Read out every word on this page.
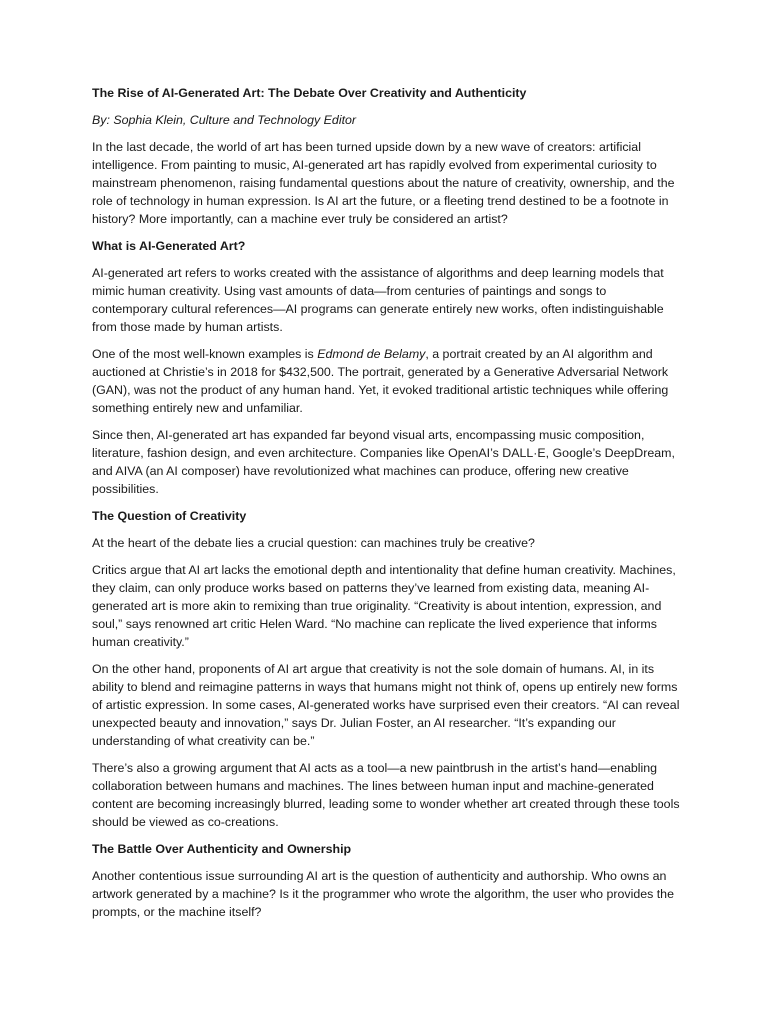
The Rise of AI-Generated Art: The Debate Over Creativity and Authenticity

By: Sophia Klein, Culture and Technology Editor

In the last decade, the world of art has been turned upside down by a new wave of creators: artificial intelligence. From painting to music, AI-generated art has rapidly evolved from experimental curiosity to mainstream phenomenon, raising fundamental questions about the nature of creativity, ownership, and the role of technology in human expression. Is AI art the future, or a fleeting trend destined to be a footnote in history? More importantly, can a machine ever truly be considered an artist?

What is AI-Generated Art?

AI-generated art refers to works created with the assistance of algorithms and deep learning models that mimic human creativity. Using vast amounts of data—from centuries of paintings and songs to contemporary cultural references—AI programs can generate entirely new works, often indistinguishable from those made by human artists.

One of the most well-known examples is Edmond de Belamy, a portrait created by an AI algorithm and auctioned at Christie’s in 2018 for $432,500. The portrait, generated by a Generative Adversarial Network (GAN), was not the product of any human hand. Yet, it evoked traditional artistic techniques while offering something entirely new and unfamiliar.

Since then, AI-generated art has expanded far beyond visual arts, encompassing music composition, literature, fashion design, and even architecture. Companies like OpenAI’s DALL·E, Google’s DeepDream, and AIVA (an AI composer) have revolutionized what machines can produce, offering new creative possibilities.

The Question of Creativity

At the heart of the debate lies a crucial question: can machines truly be creative?

Critics argue that AI art lacks the emotional depth and intentionality that define human creativity. Machines, they claim, can only produce works based on patterns they’ve learned from existing data, meaning AI-generated art is more akin to remixing than true originality. “Creativity is about intention, expression, and soul,” says renowned art critic Helen Ward. “No machine can replicate the lived experience that informs human creativity.”

On the other hand, proponents of AI art argue that creativity is not the sole domain of humans. AI, in its ability to blend and reimagine patterns in ways that humans might not think of, opens up entirely new forms of artistic expression. In some cases, AI-generated works have surprised even their creators. “AI can reveal unexpected beauty and innovation,” says Dr. Julian Foster, an AI researcher. “It’s expanding our understanding of what creativity can be.”

There’s also a growing argument that AI acts as a tool—a new paintbrush in the artist’s hand—enabling collaboration between humans and machines. The lines between human input and machine-generated content are becoming increasingly blurred, leading some to wonder whether art created through these tools should be viewed as co-creations.

The Battle Over Authenticity and Ownership

Another contentious issue surrounding AI art is the question of authenticity and authorship. Who owns an artwork generated by a machine? Is it the programmer who wrote the algorithm, the user who provides the prompts, or the machine itself?
